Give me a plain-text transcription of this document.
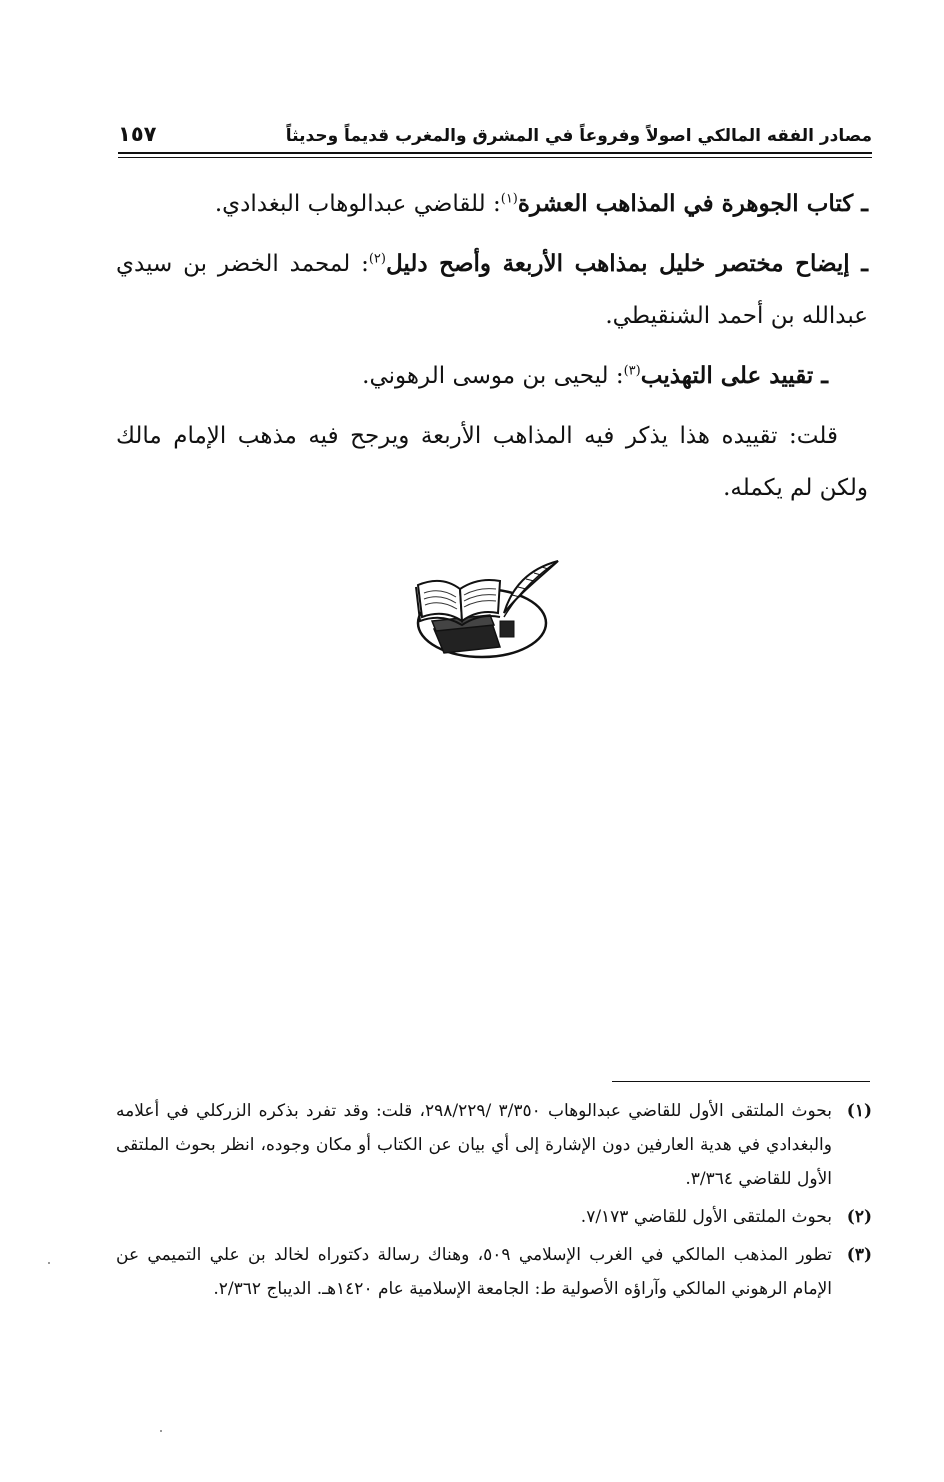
مصادر الفقه المالكي اصولاً وفروعاً في المشرق والمغرب قديماً وحديثاً
١٥٧

ـ كتاب الجوهرة في المذاهب العشرة$^{(١)}$: للقاضي عبدالوهاب البغدادي.

ـ إيضاح مختصر خليل بمذاهب الأربعة وأصح دليل$^{(٢)}$: لمحمد الخضر بن سيدي عبدالله بن أحمد الشنقيطي.

ـ تقييد على التهذيب$^{(٣)}$: ليحيى بن موسى الرهوني.

قلت: تقييده هذا يذكر فيه المذاهب الأربعة ويرجح فيه مذهب الإمام مالك ولكن لم يكمله.

(١)
بحوث الملتقى الأول للقاضي عبدالوهاب ٣/٣٥٠ /٢٩٨/٢٢٩، قلت: وقد تفرد بذكره الزركلي في أعلامه والبغدادي في هدية العارفين دون الإشارة إلى أي بيان عن الكتاب أو مكان وجوده، انظر بحوث الملتقى الأول للقاضي ٣/٣٦٤.
(٢)
بحوث الملتقى الأول للقاضي ٧/١٧٣.
(٣)
تطور المذهب المالكي في الغرب الإسلامي ٥٠٩، وهناك رسالة دكتوراه لخالد بن علي التميمي عن الإمام الرهوني المالكي وآراؤه الأصولية ط: الجامعة الإسلامية عام ١٤٢٠هـ. الديباج ٢/٣٦٢.
